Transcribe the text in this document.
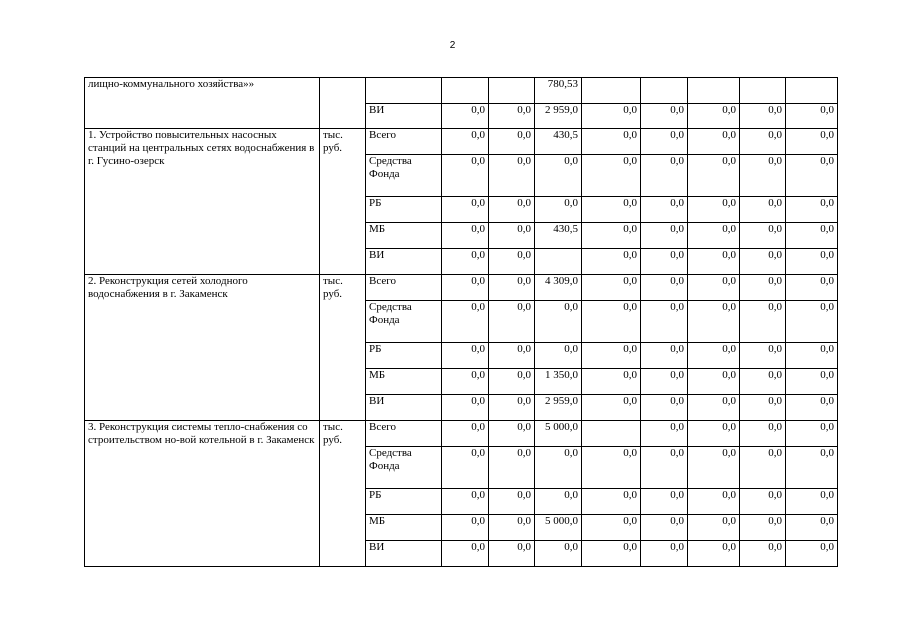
2
лищно-коммунального хозяйства»»					780,53					
		ВИ	0,0	0,0	2 959,0	0,0	0,0	0,0	0,0	0,0
1. Устройство повысительных насосных станций на центральных сетях водоснабжения в г. Гусино-озерск	тыс. руб.	Всего	0,0	0,0	430,5	0,0	0,0	0,0	0,0	0,0
		Средства Фонда	0,0	0,0	0,0	0,0	0,0	0,0	0,0	0,0
		РБ	0,0	0,0	0,0	0,0	0,0	0,0	0,0	0,0
		МБ	0,0	0,0	430,5	0,0	0,0	0,0	0,0	0,0
		ВИ	0,0	0,0		0,0	0,0	0,0	0,0	0,0
2. Реконструкция сетей холодного водоснабжения в г. Закаменск	тыс. руб.	Всего	0,0	0,0	4 309,0	0,0	0,0	0,0	0,0	0,0
		Средства Фонда	0,0	0,0	0,0	0,0	0,0	0,0	0,0	0,0
		РБ	0,0	0,0	0,0	0,0	0,0	0,0	0,0	0,0
		МБ	0,0	0,0	1 350,0	0,0	0,0	0,0	0,0	0,0
		ВИ	0,0	0,0	2 959,0	0,0	0,0	0,0	0,0	0,0
3. Реконструкция системы тепло-снабжения со строительством но-вой котельной в г. Закаменск	тыс. руб.	Всего	0,0	0,0	5 000,0		0,0	0,0	0,0	0,0
		Средства Фонда	0,0	0,0	0,0	0,0	0,0	0,0	0,0	0,0
		РБ	0,0	0,0	0,0	0,0	0,0	0,0	0,0	0,0
		МБ	0,0	0,0	5 000,0	0,0	0,0	0,0	0,0	0,0
		ВИ	0,0	0,0	0,0	0,0	0,0	0,0	0,0	0,0
